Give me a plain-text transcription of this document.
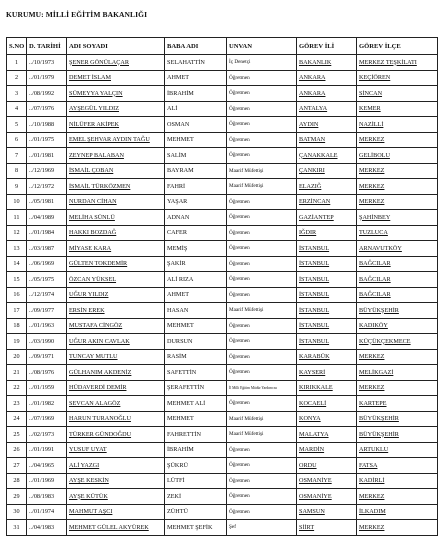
KURUMU: MİLLİ EĞİTİM BAKANLIĞI
S.NO	D. TARİHİ	ADI SOYADI	BABA ADI	UNVAN	GÖREV İLİ	GÖREV İLÇE
1	../10/1973	ŞENER GÖNÜLAÇAR	SELAHATTİN	İç Denetçi	BAKANLIK	MERKEZ TEŞKİLATI
2	../01/1979	DEMET İSLAM	AHMET	Öğretmen	ANKARA	KEÇİÖREN
3	../08/1992	SÜMEYYA YALÇIN	İBRAHİM	Öğretmen	ANKARA	SİNCAN
4	../07/1976	AYŞEGÜL YILDIZ	ALİ	Öğretmen	ANTALYA	KEMER
5	../10/1988	NİLÜFER AKİPEK	OSMAN	Öğretmen	AYDIN	NAZİLLİ
6	../01/1975	EMEL ŞEHVAR AYDIN TAĞU	MEHMET	Öğretmen	BATMAN	MERKEZ
7	../01/1981	ZEYNEP BALABAN	SALİM	Öğretmen	ÇANAKKALE	GELİBOLU
8	../12/1969	İSMAİL ÇOBAN	BAYRAM	Maarif Müfettişi	ÇANKIRI	MERKEZ
9	../12/1972	İSMAİL TÜRKÖZMEN	FAHRİ	Maarif Müfettişi	ELAZIĞ	MERKEZ
10	../05/1981	NURDAN CİHAN	YAŞAR	Öğretmen	ERZİNCAN	MERKEZ
11	../04/1989	MELİHA SÜNLÜ	ADNAN	Öğretmen	GAZİANTEP	ŞAHİNBEY
12	../01/1984	HAKKI BOZDAĞ	CAFER	Öğretmen	IĞDIR	TUZLUCA
13	../03/1987	MİYASE KARA	MEMİŞ	Öğretmen	İSTANBUL	ARNAVUTKÖY
14	../06/1969	GÜLTEN TOKDEMİR	ŞAKİR	Öğretmen	İSTANBUL	BAĞCILAR
15	../05/1975	ÖZCAN YÜKSEL	ALİ RIZA	Öğretmen	İSTANBUL	BAĞCILAR
16	../12/1974	UĞUR YILDIZ	AHMET	Öğretmen	İSTANBUL	BAĞCILAR
17	../09/1977	ERSİN EREK	HASAN	Maarif Müfettişi	İSTANBUL	BÜYÜKŞEHİR
18	../01/1963	MUSTAFA CİNGÖZ	MEHMET	Öğretmen	İSTANBUL	KADIKÖY
19	../03/1990	UĞUR AKIN CAVLAK	DURSUN	Öğretmen	İSTANBUL	KÜÇÜKÇEKMECE
20	../09/1971	TUNCAY MUTLU	RASİM	Öğretmen	KARABÜK	MERKEZ
21	../08/1976	GÜLHANIM AKDENİZ	SAFETTİN	Öğretmen	KAYSERİ	MELİKGAZİ
22	../01/1959	HÜDAVERDİ DEMİR	ŞERAFETTİN	İl Milli Eğitim Müdür Yardımcısı	KIRIKKALE	MERKEZ
23	../01/1982	SEVCAN ALAGÖZ	MEHMET ALİ	Öğretmen	KOCAELİ	KARTEPE
24	../07/1969	HARUN TURANOĞLU	MEHMET	Maarif Müfettişi	KONYA	BÜYÜKŞEHİR
25	../02/1973	TÜRKER GÜNDOĞDU	FAHRETTİN	Maarif Müfettişi	MALATYA	BÜYÜKŞEHİR
26	../01/1991	YUSUF UYAT	İBRAHİM	Öğretmen	MARDİN	ARTUKLU
27	../04/1965	ALİ YAZGI	ŞÜKRÜ	Öğretmen	ORDU	FATSA
28	../01/1969	AYŞE KESKİN	LÜTFİ	Öğretmen	OSMANİYE	KADİRLİ
29	../08/1983	AYŞE KÜTÜK	ZEKİ	Öğretmen	OSMANİYE	MERKEZ
30	../01/1974	MAHMUT AŞCI	ZÜHTÜ	Öğretmen	SAMSUN	İLKADIM
31	../04/1983	MEHMET GÜLEL AKYÜREK	MEHMET ŞEFİK	Şef	SİİRT	MERKEZ
